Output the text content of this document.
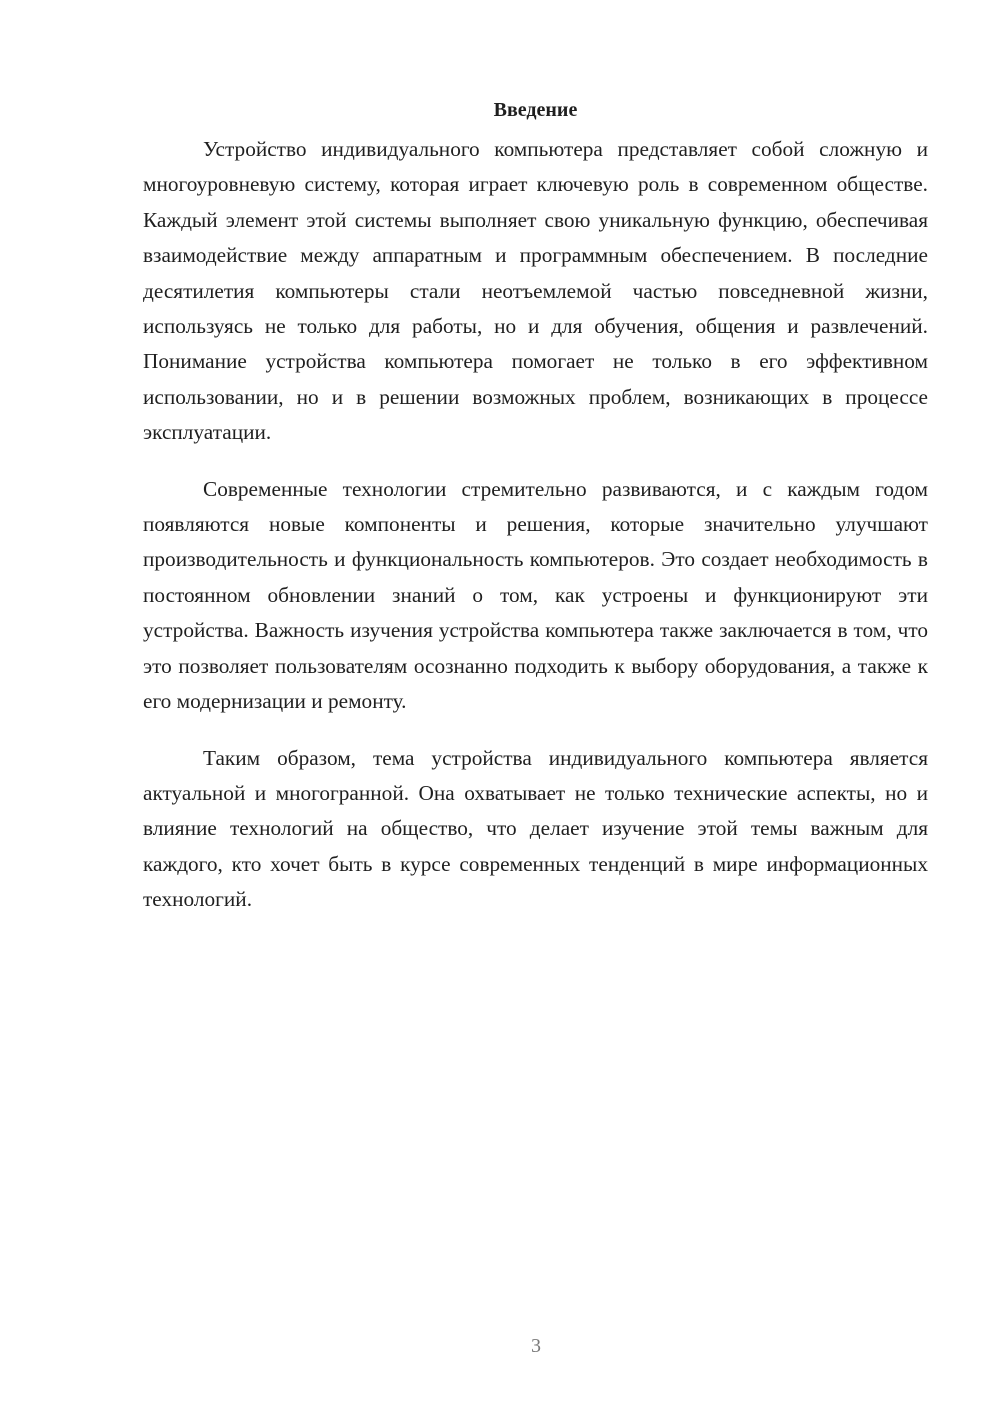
Введение

Устройство индивидуального компьютера представляет собой сложную и многоуровневую систему, которая играет ключевую роль в современном обществе. Каждый элемент этой системы выполняет свою уникальную функцию, обеспечивая взаимодействие между аппаратным и программным обеспечением. В последние десятилетия компьютеры стали неотъемлемой частью повседневной жизни, используясь не только для работы, но и для обучения, общения и развлечений. Понимание устройства компьютера помогает не только в его эффективном использовании, но и в решении возможных проблем, возникающих в процессе эксплуатации.

Современные технологии стремительно развиваются, и с каждым годом появляются новые компоненты и решения, которые значительно улучшают производительность и функциональность компьютеров. Это создает необходимость в постоянном обновлении знаний о том, как устроены и функционируют эти устройства. Важность изучения устройства компьютера также заключается в том, что это позволяет пользователям осознанно подходить к выбору оборудования, а также к его модернизации и ремонту.

Таким образом, тема устройства индивидуального компьютера является актуальной и многогранной. Она охватывает не только технические аспекты, но и влияние технологий на общество, что делает изучение этой темы важным для каждого, кто хочет быть в курсе современных тенденций в мире информационных технологий.

3
